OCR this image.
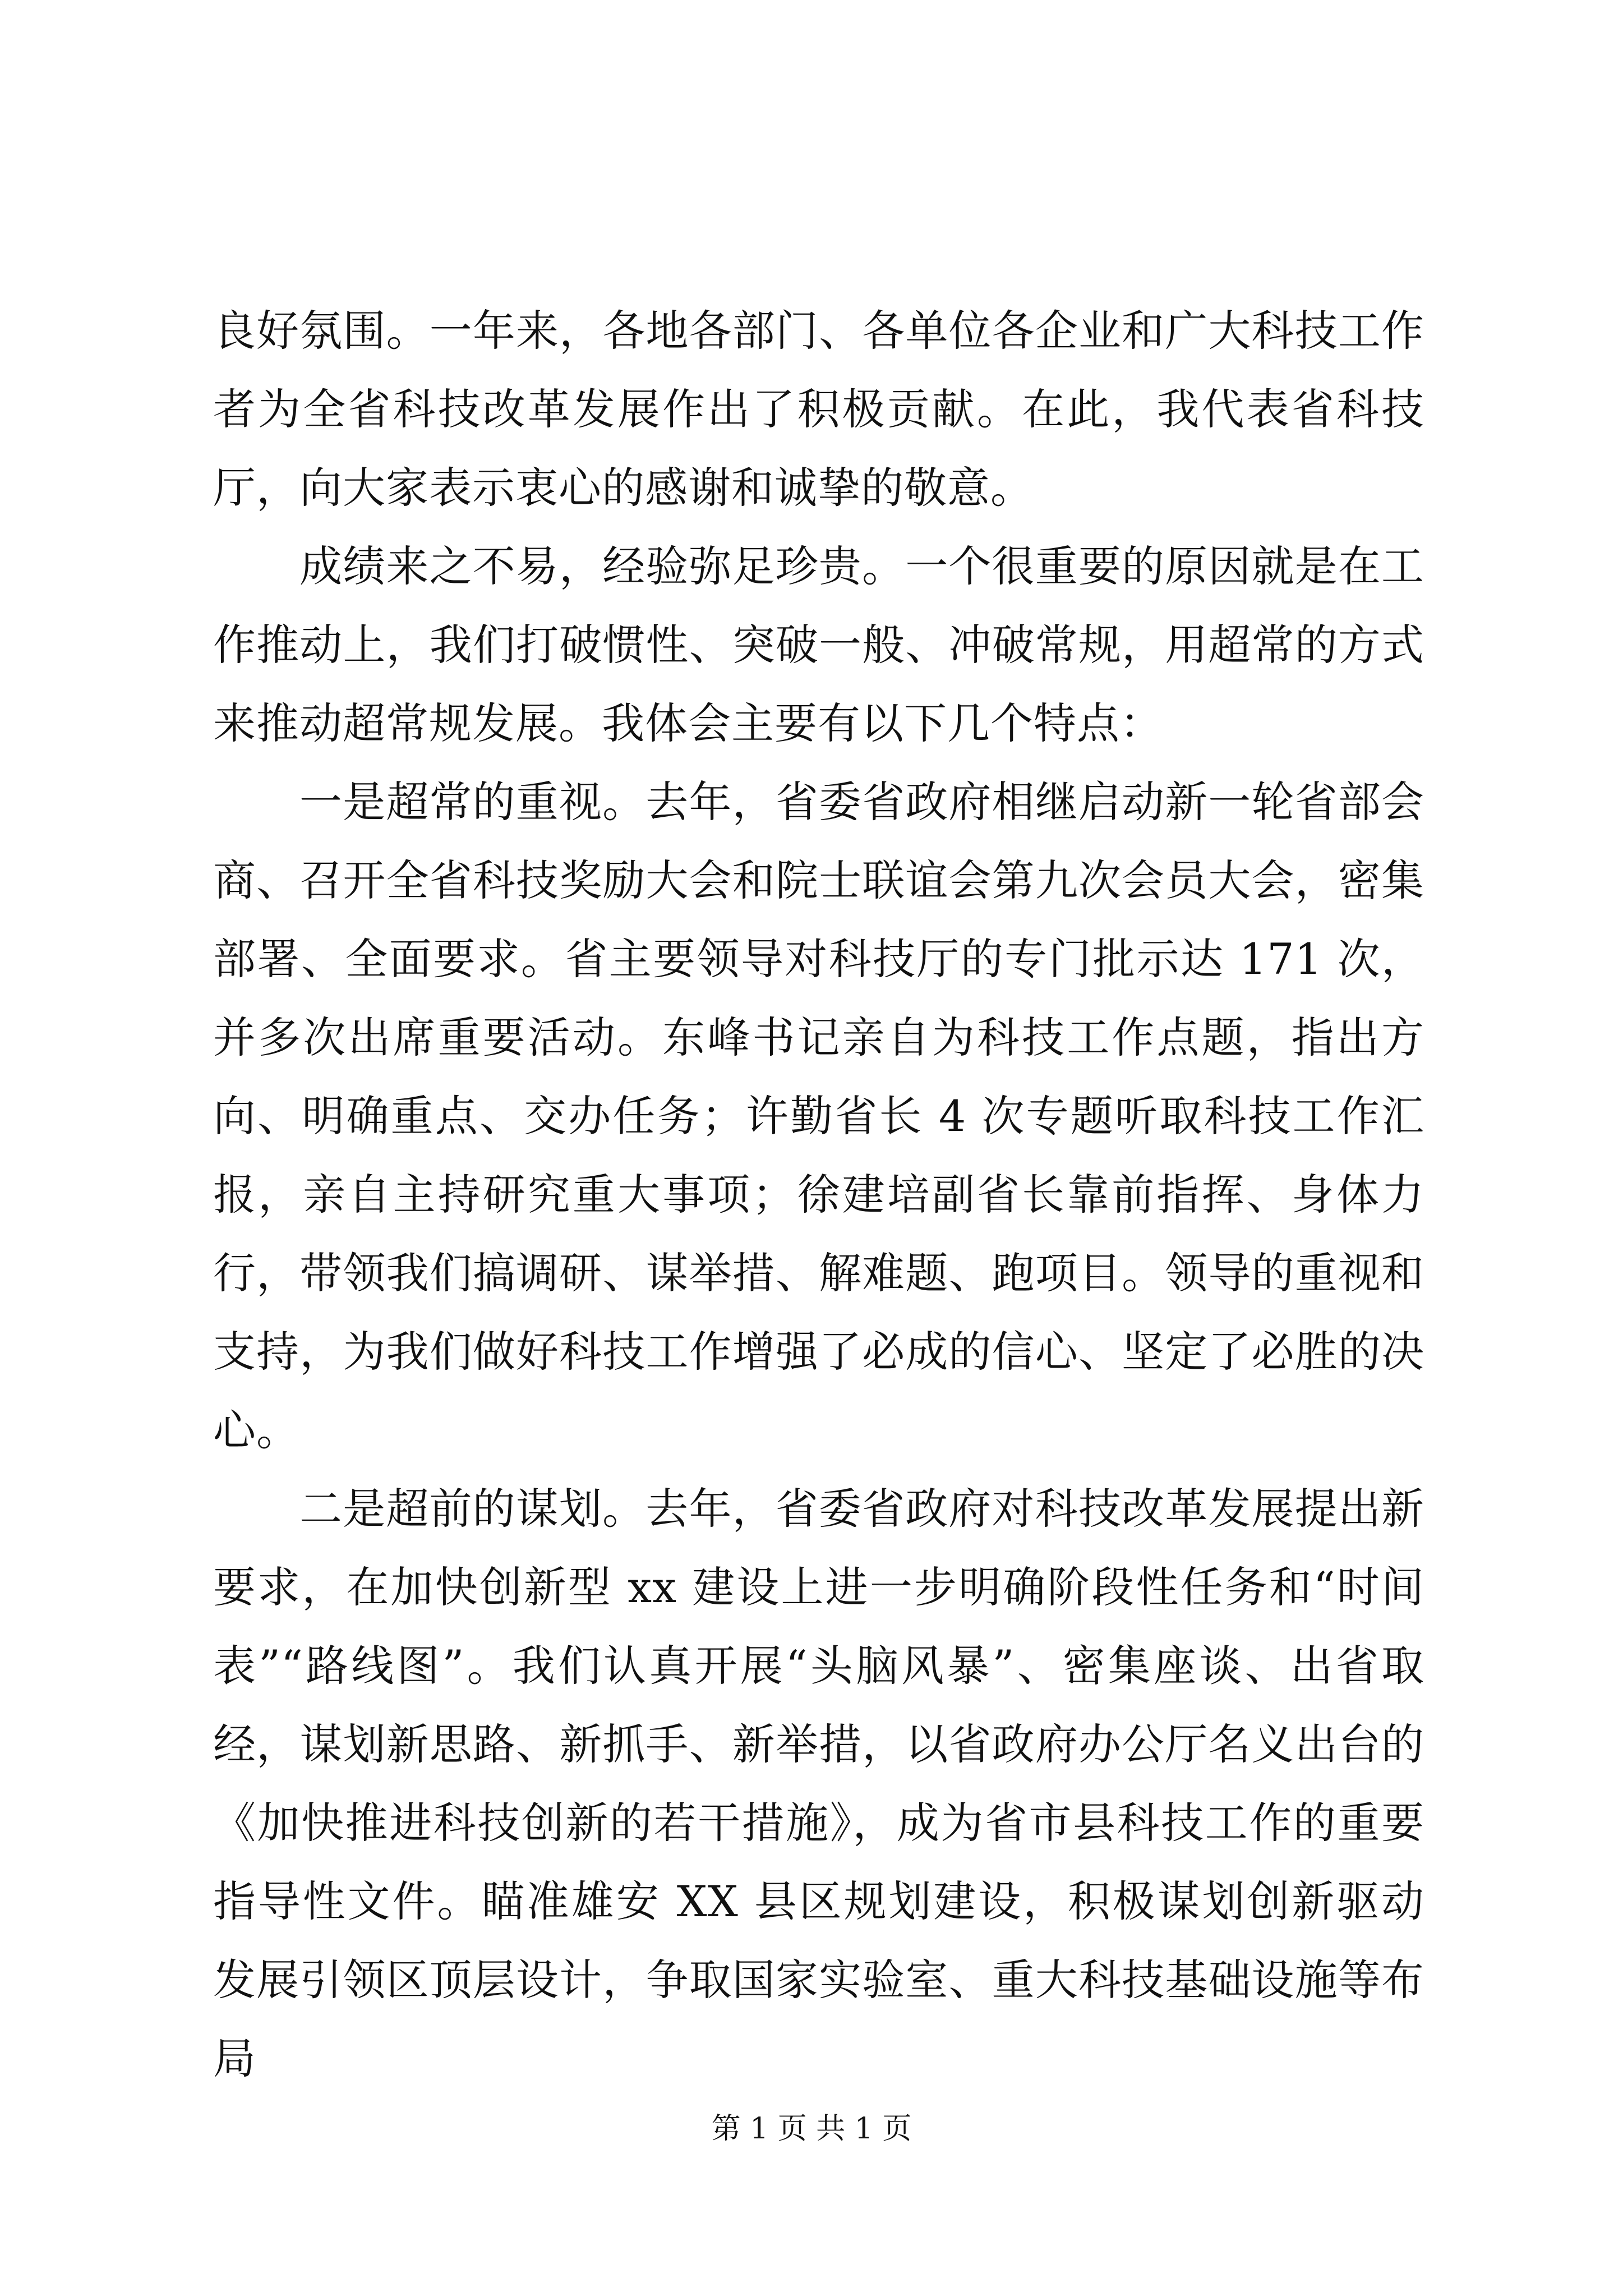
良好氛围。一年来，各地各部门、各单位各企业和广大科技工作者为全省科技改革发展作出了积极贡献。在此，我代表省科技厅，向大家表示衷心的感谢和诚挚的敬意。

成绩来之不易，经验弥足珍贵。一个很重要的原因就是在工作推动上，我们打破惯性、突破一般、冲破常规，用超常的方式来推动超常规发展。我体会主要有以下几个特点：

一是超常的重视。去年，省委省政府相继启动新一轮省部会商、召开全省科技奖励大会和院士联谊会第九次会员大会，密集部署、全面要求。省主要领导对科技厅的专门批示达 171 次，并多次出席重要活动。东峰书记亲自为科技工作点题，指出方向、明确重点、交办任务；许勤省长 4 次专题听取科技工作汇报，亲自主持研究重大事项；徐建培副省长靠前指挥、身体力行，带领我们搞调研、谋举措、解难题、跑项目。领导的重视和支持，为我们做好科技工作增强了必成的信心、坚定了必胜的决心。

二是超前的谋划。去年，省委省政府对科技改革发展提出新要求，在加快创新型 xx 建设上进一步明确阶段性任务和“时间表”“路线图”。我们认真开展“头脑风暴”、密集座谈、出省取经，谋划新思路、新抓手、新举措，以省政府办公厅名义出台的《加快推进科技创新的若干措施》，成为省市县科技工作的重要指导性文件。瞄准雄安 XX 县区规划建设，积极谋划创新驱动发展引领区顶层设计，争取国家实验室、重大科技基础设施等布局

第 1 页 共 1 页
